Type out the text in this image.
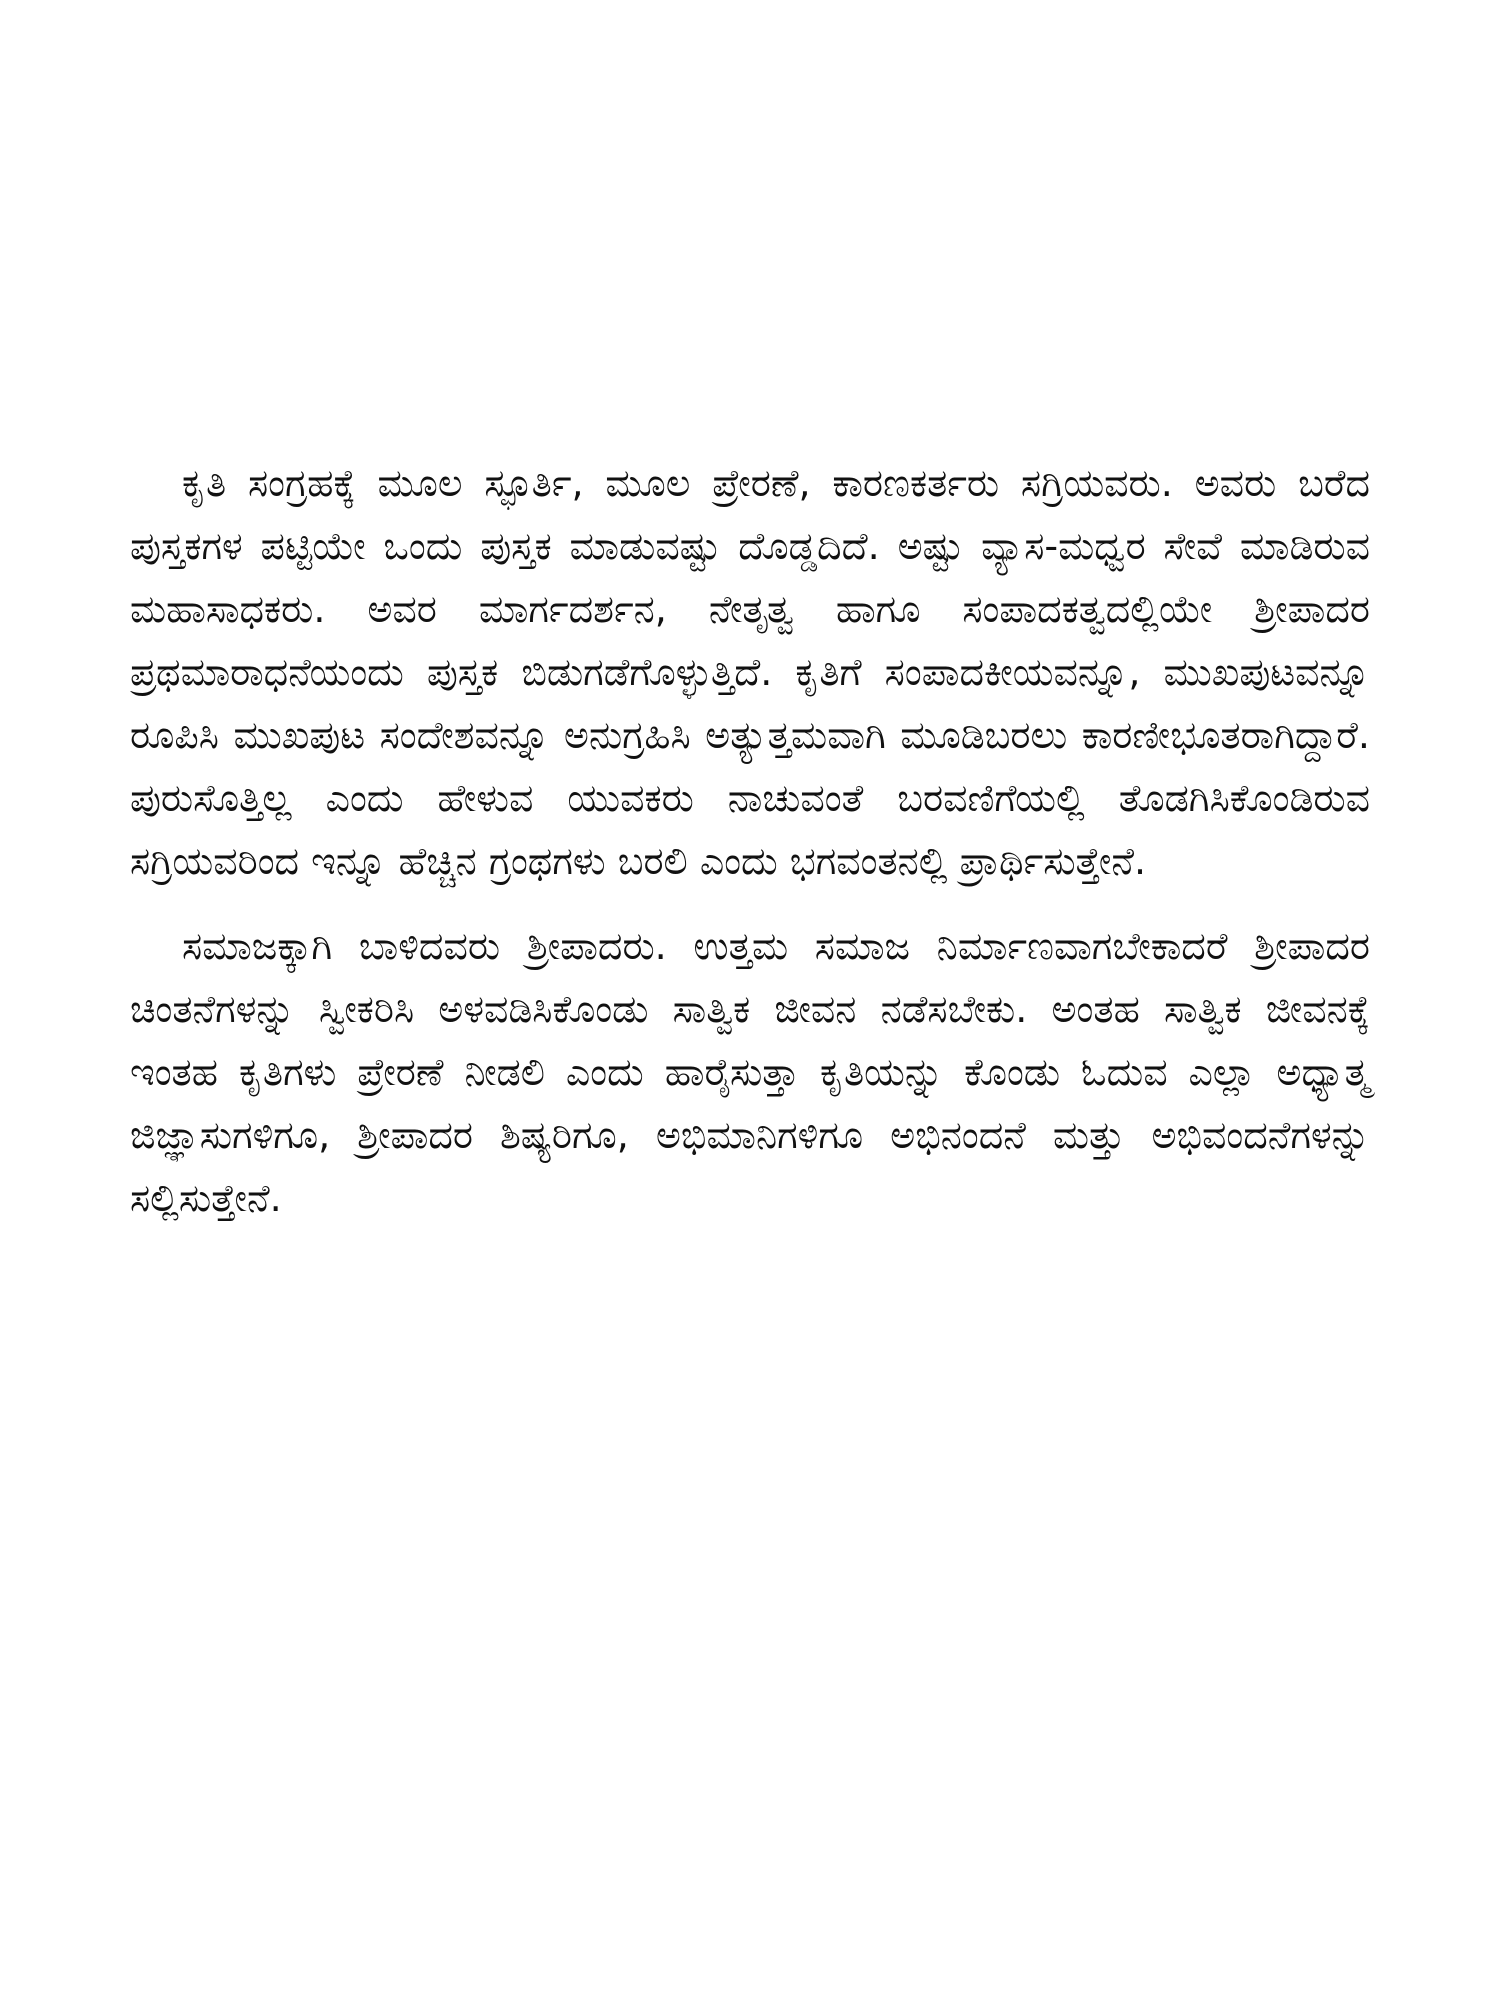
ಕೃತಿ ಸಂಗ್ರಹಕ್ಕೆ ಮೂಲ ಸ್ಫೂರ್ತಿ, ಮೂಲ ಪ್ರೇರಣೆ, ಕಾರಣಕರ್ತರು ಸಗ್ರಿಯವರು. ಅವರು ಬರೆದ ಪುಸ್ತಕಗಳ ಪಟ್ಟಿಯೇ ಒಂದು ಪುಸ್ತಕ ಮಾಡುವಷ್ಟು ದೊಡ್ಡದಿದೆ. ಅಷ್ಟು ವ್ಯಾಸ-ಮಧ್ವರ ಸೇವೆ ಮಾಡಿರುವ ಮಹಾಸಾಧಕರು. ಅವರ ಮಾರ್ಗದರ್ಶನ, ನೇತೃತ್ವ ಹಾಗೂ ಸಂಪಾದಕತ್ವದಲ್ಲಿಯೇ ಶ್ರೀಪಾದರ ಪ್ರಥಮಾರಾಧನೆಯಂದು ಪುಸ್ತಕ ಬಿಡುಗಡೆಗೊಳ್ಳುತ್ತಿದೆ. ಕೃತಿಗೆ ಸಂಪಾದಕೀಯವನ್ನೂ, ಮುಖಪುಟವನ್ನೂ ರೂಪಿಸಿ ಮುಖಪುಟ ಸಂದೇಶವನ್ನೂ ಅನುಗ್ರಹಿಸಿ ಅತ್ಯುತ್ತಮವಾಗಿ ಮೂಡಿಬರಲು ಕಾರಣೀಭೂತರಾಗಿದ್ದಾರೆ. ಪುರುಸೊತ್ತಿಲ್ಲ ಎಂದು ಹೇಳುವ ಯುವಕರು ನಾಚುವಂತೆ ಬರವಣಿಗೆಯಲ್ಲಿ ತೊಡಗಿಸಿಕೊಂಡಿರುವ ಸಗ್ರಿಯವರಿಂದ ಇನ್ನೂ ಹೆಚ್ಚಿನ ಗ್ರಂಥಗಳು ಬರಲಿ ಎಂದು ಭಗವಂತನಲ್ಲಿ ಪ್ರಾರ್ಥಿಸುತ್ತೇನೆ.

ಸಮಾಜಕ್ಕಾಗಿ ಬಾಳಿದವರು ಶ್ರೀಪಾದರು. ಉತ್ತಮ ಸಮಾಜ ನಿರ್ಮಾಣವಾಗಬೇಕಾದರೆ ಶ್ರೀಪಾದರ ಚಿಂತನೆಗಳನ್ನು ಸ್ವೀಕರಿಸಿ ಅಳವಡಿಸಿಕೊಂಡು ಸಾತ್ವಿಕ ಜೀವನ ನಡೆಸಬೇಕು. ಅಂತಹ ಸಾತ್ವಿಕ ಜೀವನಕ್ಕೆ ಇಂತಹ ಕೃತಿಗಳು ಪ್ರೇರಣೆ ನೀಡಲಿ ಎಂದು ಹಾರೈಸುತ್ತಾ ಕೃತಿಯನ್ನು ಕೊಂಡು ಓದುವ ಎಲ್ಲಾ ಅಧ್ಯಾತ್ಮ ಜಿಜ್ಞಾಸುಗಳಿಗೂ, ಶ್ರೀಪಾದರ ಶಿಷ್ಯರಿಗೂ, ಅಭಿಮಾನಿಗಳಿಗೂ ಅಭಿನಂದನೆ ಮತ್ತು ಅಭಿವಂದನೆಗಳನ್ನು ಸಲ್ಲಿಸುತ್ತೇನೆ.
